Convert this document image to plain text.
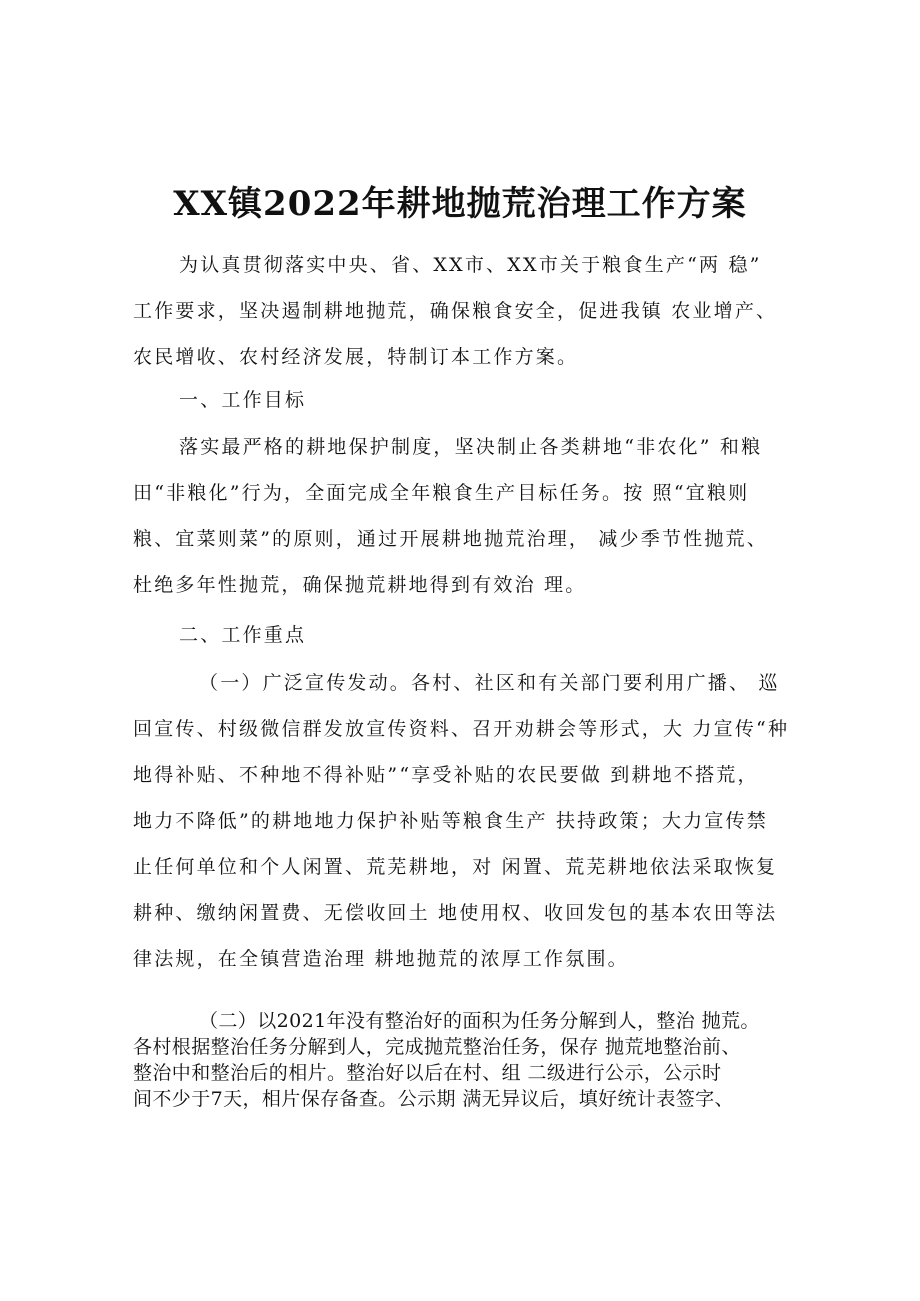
XX镇2022年耕地抛荒治理工作方案
为认真贯彻落实中央、省、XX市、XX市关于粮食生产“两 稳”
工作要求，坚决遏制耕地抛荒，确保粮食安全，促进我镇 农业增产、
农民增收、农村经济发展，特制订本工作方案。
一、工作目标
落实最严格的耕地保护制度，坚决制止各类耕地“非农化” 和粮
田“非粮化”行为，全面完成全年粮食生产目标任务。按 照“宜粮则
粮、宜菜则菜”的原则，通过开展耕地抛荒治理， 减少季节性抛荒、
杜绝多年性抛荒，确保抛荒耕地得到有效治 理。
二、工作重点
（一）广泛宣传发动。各村、社区和有关部门要利用广播、 巡
回宣传、村级微信群发放宣传资料、召开劝耕会等形式，大 力宣传“种
地得补贴、不种地不得补贴”“享受补贴的农民要做 到耕地不搭荒，
地力不降低”的耕地地力保护补贴等粮食生产 扶持政策；大力宣传禁
止任何单位和个人闲置、荒芜耕地，对 闲置、荒芜耕地依法采取恢复
耕种、缴纳闲置费、无偿收回土 地使用权、收回发包的基本农田等法
律法规，在全镇营造治理 耕地抛荒的浓厚工作氛围。
（二）以2021年没有整治好的面积为任务分解到人，整治 抛荒。
各村根据整治任务分解到人，完成抛荒整治任务，保存 抛荒地整治前、
整治中和整治后的相片。整治好以后在村、组 二级进行公示，公示时
间不少于7天，相片保存备查。公示期 满无异议后，填好统计表签字、
